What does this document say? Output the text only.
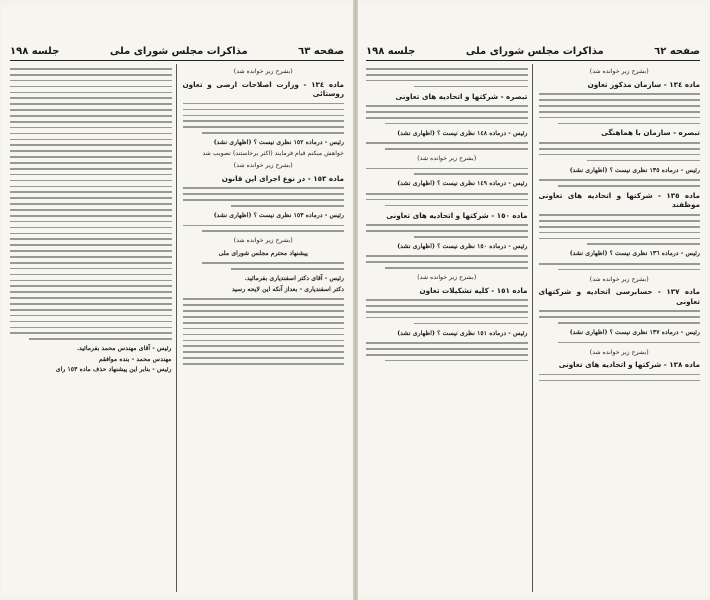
صفحه ٦٣
مذاکرات مجلس شورای ملی
جلسه ١٩٨

(بشرح زیر خوانده شد)

ماده ١٣٤ - وزارت اصلاحات ارضی و تعاون روستائی

رئیس - درماده ١٥٢ نظری نیست ؟ (اظهاری نشد)

خواهش میکنم قیام فرمایند (اکثر برخاستند) تصویب شد

(بشرح زیر خوانده شد)

ماده ١٥٣ - در نوع اجرای این قانون

رئیس - درماده ١٥٣ نظری نیست ؟ (اظهاری نشد)

(بشرح زیر خوانده شد)

پیشنهاد محترم مجلس شورای ملی

رئیس - آقای دکتر اسفندیاری بفرمائید.

دکتر اسفندیاری - بعداز آنکه این لایحه رسید

رئیس - آقای مهندس محمد بفرمائید.

مهندس محمد - بنده موافقم

رئیس - بنابر این پیشنهاد حذف ماده ١٥٣ رای

صفحه ٦٢
مذاکرات مجلس شورای ملی
جلسه ١٩٨

(بشرح زیر خوانده شد)

ماده ١٣٤ - سازمان مذکور تعاون

تبصره - سازمان با هماهنگی

رئیس - درماده ١٣٥ نظری نیست ؟ (اظهاری نشد)

ماده ١٣٥ - شرکتها و اتحادیه های تعاونی موظفند

رئیس - درماده ١٣٦ نظری نیست ؟ (اظهاری نشد)

(بشرح زیر خوانده شد)

ماده ١٣٧ - حسابرسی اتحادیه و شرکتهای تعاونی

رئیس - درماده ١٣٧ نظری نیست ؟ (اظهاری نشد)

(بشرح زیر خوانده شد)

ماده ١٣٨ - شرکتها و اتحادیه های تعاونی

تبصره - شرکتها و اتحادیه های تعاونی

رئیس - درماده ١٤٨ نظری نیست ؟ (اظهاری نشد)

(بشرح زیر خوانده شد)

رئیس - درماده ١٤٩ نظری نیست ؟ (اظهاری نشد)

ماده ١٥٠ - شرکتها و اتحادیه های تعاونی

رئیس - درماده ١٥٠ نظری نیست ؟ (اظهاری نشد)

(بشرح زیر خوانده شد)

ماده ١٥١ - کلیه تشکیلات تعاون

رئیس - درماده ١٥١ نظری نیست ؟ (اظهاری نشد)
